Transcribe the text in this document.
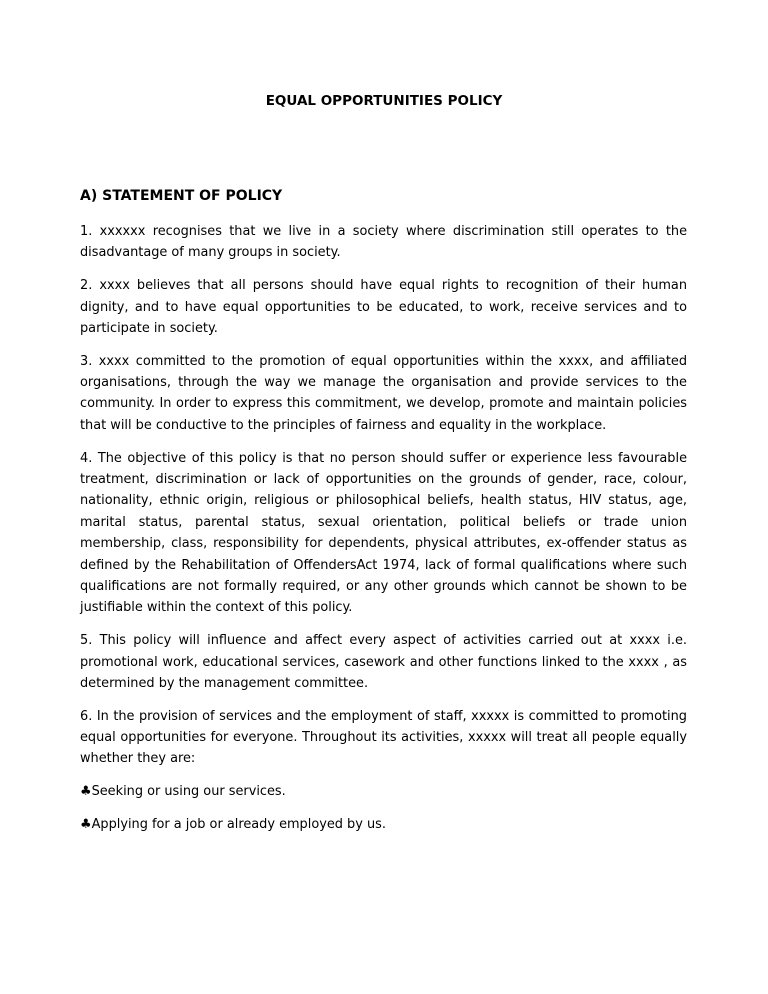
EQUAL OPPORTUNITIES POLICY
A) STATEMENT OF POLICY

1. xxxxxx recognises that we live in a society where discrimination still operates to the disadvantage of many groups in society.

2. xxxx believes that all persons should have equal rights to recognition of their human dignity, and to have equal opportunities to be educated, to work, receive services and to participate in society.

3. xxxx committed to the promotion of equal opportunities within the xxxx, and affiliated organisations, through the way we manage the organisation and provide services to the community. In order to express this commitment, we develop, promote and maintain policies that will be conductive to the principles of fairness and equality in the workplace.

4. The objective of this policy is that no person should suffer or experience less favourable treatment, discrimination or lack of opportunities on the grounds of gender, race, colour, nationality, ethnic origin, religious or philosophical beliefs, health status, HIV status, age, marital status, parental status, sexual orientation, political beliefs or trade union membership, class, responsibility for dependents, physical attributes, ex-offender status as defined by the Rehabilitation of OffendersAct 1974, lack of formal qualifications where such qualifications are not formally required, or any other grounds which cannot be shown to be justifiable within the context of this policy.

5. This policy will influence and affect every aspect of activities carried out at xxxx i.e. promotional work, educational services, casework and other functions linked to the xxxx , as determined by the management committee.

6. In the provision of services and the employment of staff, xxxxx is committed to promoting equal opportunities for everyone. Throughout its activities, xxxxx will treat all people equally whether they are:

♣ Seeking or using our services.

♣ Applying for a job or already employed by us.
